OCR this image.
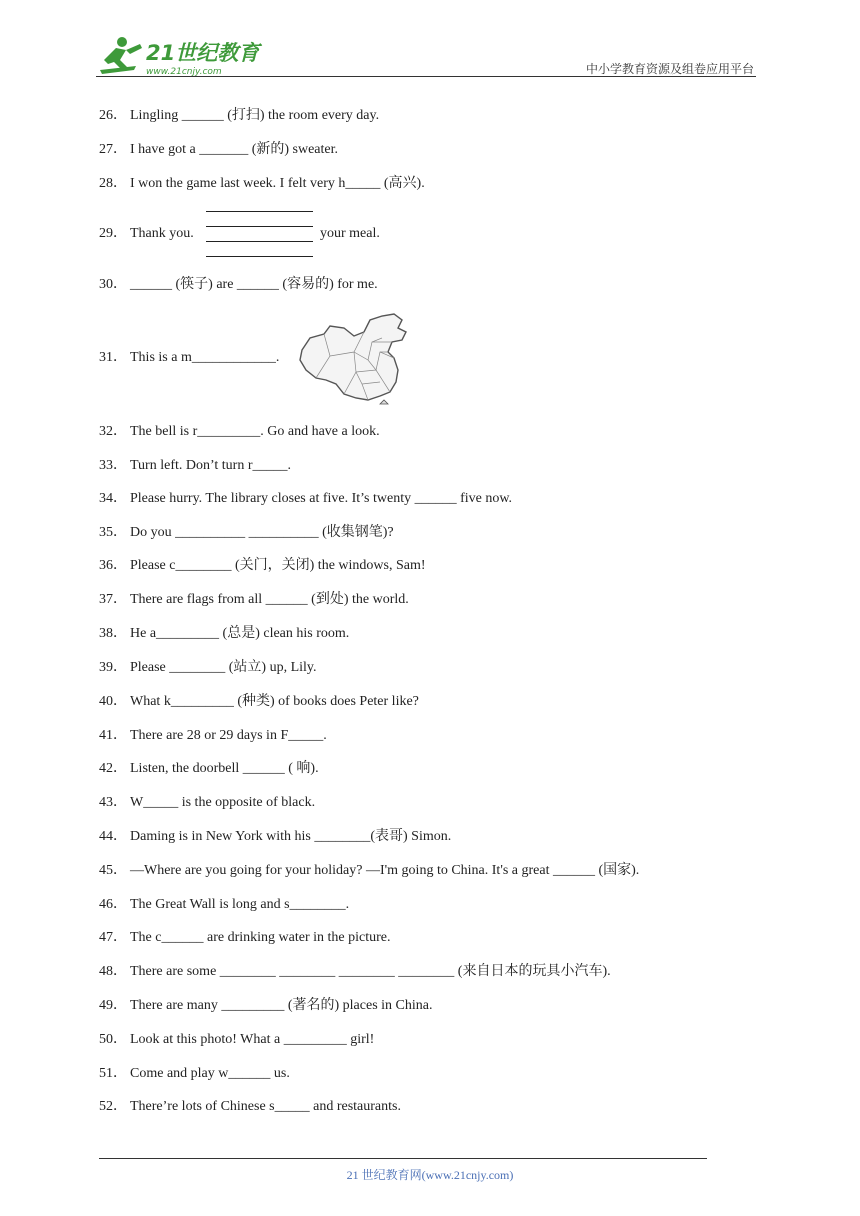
21世纪教育
www.21cnjy.com	中小学教育资源及组卷应用平台
26． Lingling ______ (打扫) the room every day.
27． I have got a _______ (新的) sweater.
28． I won the game last week. I felt very h_____ (高兴).
29． Thank you.	your meal.
30． ______ (筷子) are ______ (容易的) for me.
31． This is a m____________.
32． The bell is r_________. Go and have a look.
33． Turn left. Don’t turn r_____.
34． Please hurry. The library closes at five. It’s twenty ______ five now.
35． Do you __________ __________ (收集钢笔)?
36． Please c________ (关门，关闭) the windows, Sam!
37． There are flags from all ______ (到处) the world.
38． He a_________ (总是) clean his room.
39． Please ________ (站立) up, Lily.
40． What k_________ (种类) of books does Peter like?
41． There are 28 or 29 days in F_____.
42． Listen, the doorbell ______ ( 响).
43． W_____ is the opposite of black.
44． Daming is in New York with his ________(表哥) Simon.
45． —Where are you going for your holiday? —I'm going to China. It's a great ______ (国家).
46． The Great Wall is long and s________.
47． The c______ are drinking water in the picture.
48． There are some ________ ________ ________ ________ (来自日本的玩具小汽车).
49． There are many _________ (著名的) places in China.
50． Look at this photo! What a _________ girl!
51． Come and play w______ us.
52． There’re lots of Chinese s_____ and restaurants.
21 世纪教育网(www.21cnjy.com)
